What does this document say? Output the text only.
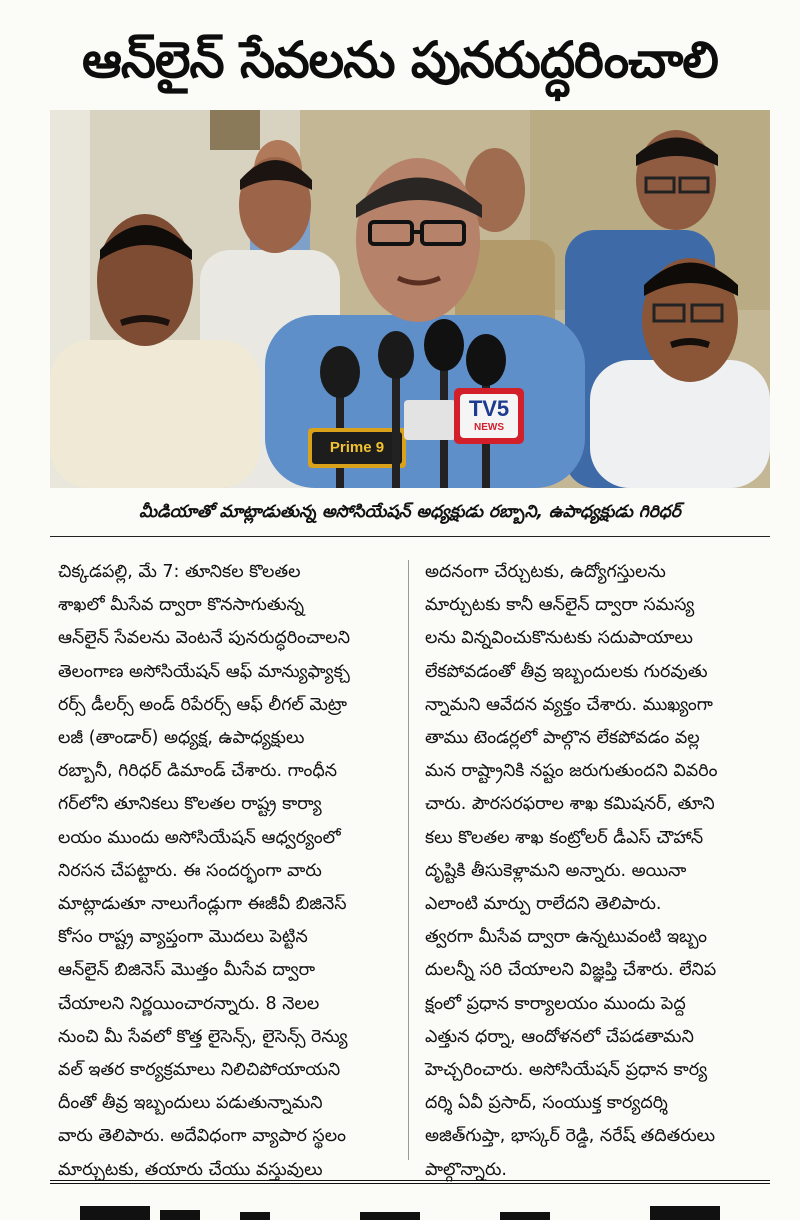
ఆన్‌లైన్ సేవలను పునరుద్ధరించాలి
Prime 9
TV5
NEWS
మీడియాతో మాట్లాడుతున్న అసోసియేషన్ అధ్యక్షుడు రబ్బాని, ఉపాధ్యక్షుడు గిరిధర్
చిక్కడపల్లి, మే 7: తూనికల కొలతల
శాఖలో మీసేవ ద్వారా కొనసాగుతున్న
ఆన్‌లైన్ సేవలను వెంటనే పునరుద్ధరించాలని
తెలంగాణ అసోసియేషన్ ఆఫ్ మాన్యుఫ్యాక్చ
రర్స్ డీలర్స్ అండ్ రిపేరర్స్ ఆఫ్ లీగల్ మెట్రా
లజీ (తాండార్) అధ్యక్ష, ఉపాధ్యక్షులు
రబ్బానీ, గిరిధర్ డిమాండ్ చేశారు. గాంధీన
గర్‌లోని తూనికలు కొలతల రాష్ట్ర కార్యా
లయం ముందు అసోసియేషన్ ఆధ్వర్యంలో
నిరసన చేపట్టారు. ఈ సందర్భంగా వారు
మాట్లాడుతూ నాలుగేండ్లుగా ఈజీవీ బిజినెస్
కోసం రాష్ట్ర వ్యాప్తంగా మొదలు పెట్టిన
ఆన్‌లైన్ బిజినెస్ మొత్తం మీసేవ ద్వారా
చేయాలని నిర్ణయించారన్నారు. 8 నెలల
నుంచి మీ సేవలో కొత్త లైసెన్స్, లైసెన్స్ రెన్యు
వల్ ఇతర కార్యక్రమాలు నిలిచిపోయాయని
దీంతో తీవ్ర ఇబ్బందులు పడుతున్నామని
వారు తెలిపారు. అదేవిధంగా వ్యాపార స్థలం
మార్చుటకు, తయారు చేయు వస్తువులు
అదనంగా చేర్చుటకు, ఉద్యోగస్తులను
మార్చుటకు కానీ ఆన్‌లైన్ ద్వారా సమస్య
లను విన్నవించుకొనుటకు సదుపాయాలు
లేకపోవడంతో తీవ్ర ఇబ్బందులకు గురవుతు
న్నామని ఆవేదన వ్యక్తం చేశారు. ముఖ్యంగా
తాము టెండర్లలో పాల్గొన లేకపోవడం వల్ల
మన రాష్ట్రానికి నష్టం జరుగుతుందని వివరిం
చారు. పౌరసరఫరాల శాఖ కమిషనర్, తూని
కలు కొలతల శాఖ కంట్రోలర్ డీఎస్ చౌహాన్
దృష్టికి తీసుకెళ్లామని అన్నారు. అయినా
ఎలాంటి మార్పు రాలేదని తెలిపారు.
త్వరగా మీసేవ ద్వారా ఉన్నటువంటి ఇబ్బం
దులన్నీ సరి చేయాలని విజ్ఞప్తి చేశారు. లేనిప
క్షంలో ప్రధాన కార్యాలయం ముందు పెద్ద
ఎత్తున ధర్నా, ఆందోళనలో చేపడతామని
హెచ్చరించారు. అసోసియేషన్ ప్రధాన కార్య
దర్శి ఏవీ ప్రసాద్, సంయుక్త కార్యదర్శి
అజిత్‌గుప్తా, భాస్కర్ రెడ్డి, నరేష్ తదితరులు
పాల్గొన్నారు.
